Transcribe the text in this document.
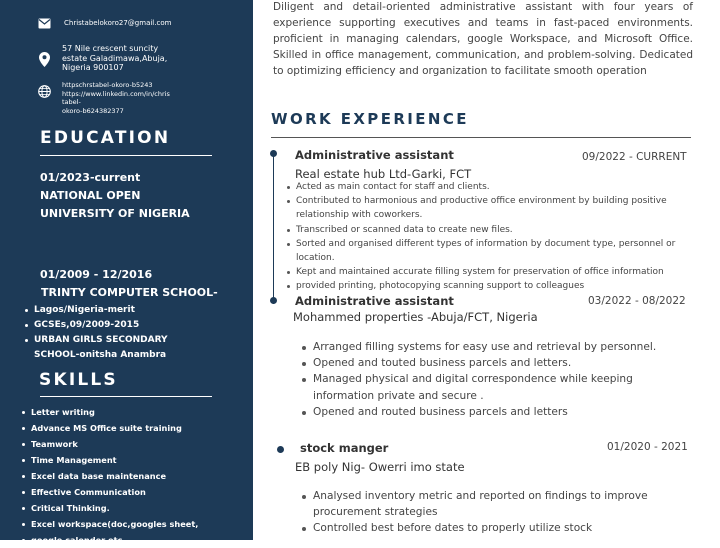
Christabelokoro27@gmail.com
57 Nile crescent suncity
estate Galadimawa,Abuja,
Nigeria 900107
httpschrstabel-okoro-b5243
https://www.linkedin.com/in/chris
tabel-
okoro-b624382377
EDUCATION
01/2023-current
NATIONAL OPEN
UNIVERSITY OF NIGERIA
01/2009 - 12/2016
TRINTY COMPUTER SCHOOL-
Lagos/Nigeria-merit
GCSEs,09/2009-2015
URBAN GIRLS SECONDARY
SCHOOL-onitsha Anambra
SKILLS
Letter writing
Advance MS Office suite training
Teamwork
Time Management
Excel data base maintenance
Effective Communication
Critical Thinking.
Excel workspace(doc,googles sheet,
google calender etc
Diligent and detail-oriented administrative assistant with four years of experience supporting executives and teams in fast-paced environments. proficient in managing calendars, google Workspace, and Microsoft Office. Skilled in office management, communication, and problem-solving. Dedicated to optimizing efficiency and organization to facilitate smooth operation
WORK EXPERIENCE
Administrative assistant	09/2022 - CURRENT
Real estate hub Ltd-Garki, FCT
Acted as main contact for staff and clients.
Contributed to harmonious and productive office environment by building positive relationship with coworkers.
Transcribed or scanned data to create new files.
Sorted and organised different types of information by document type, personnel or location.
Kept and maintained accurate filling system for preservation of office information
provided printing, photocopying scanning support to colleagues
Administrative assistant	03/2022 - 08/2022
Mohammed properties -Abuja/FCT, Nigeria
Arranged filling systems for easy use and retrieval by personnel.
Opened and touted business parcels and letters.
Managed physical and digital correspondence while keeping information private and secure .
Opened and routed business parcels and letters
stock manger	01/2020 - 2021
EB poly Nig- Owerri imo state
Analysed inventory metric and reported on findings to improve procurement strategies
Controlled best before dates to properly utilize stock
